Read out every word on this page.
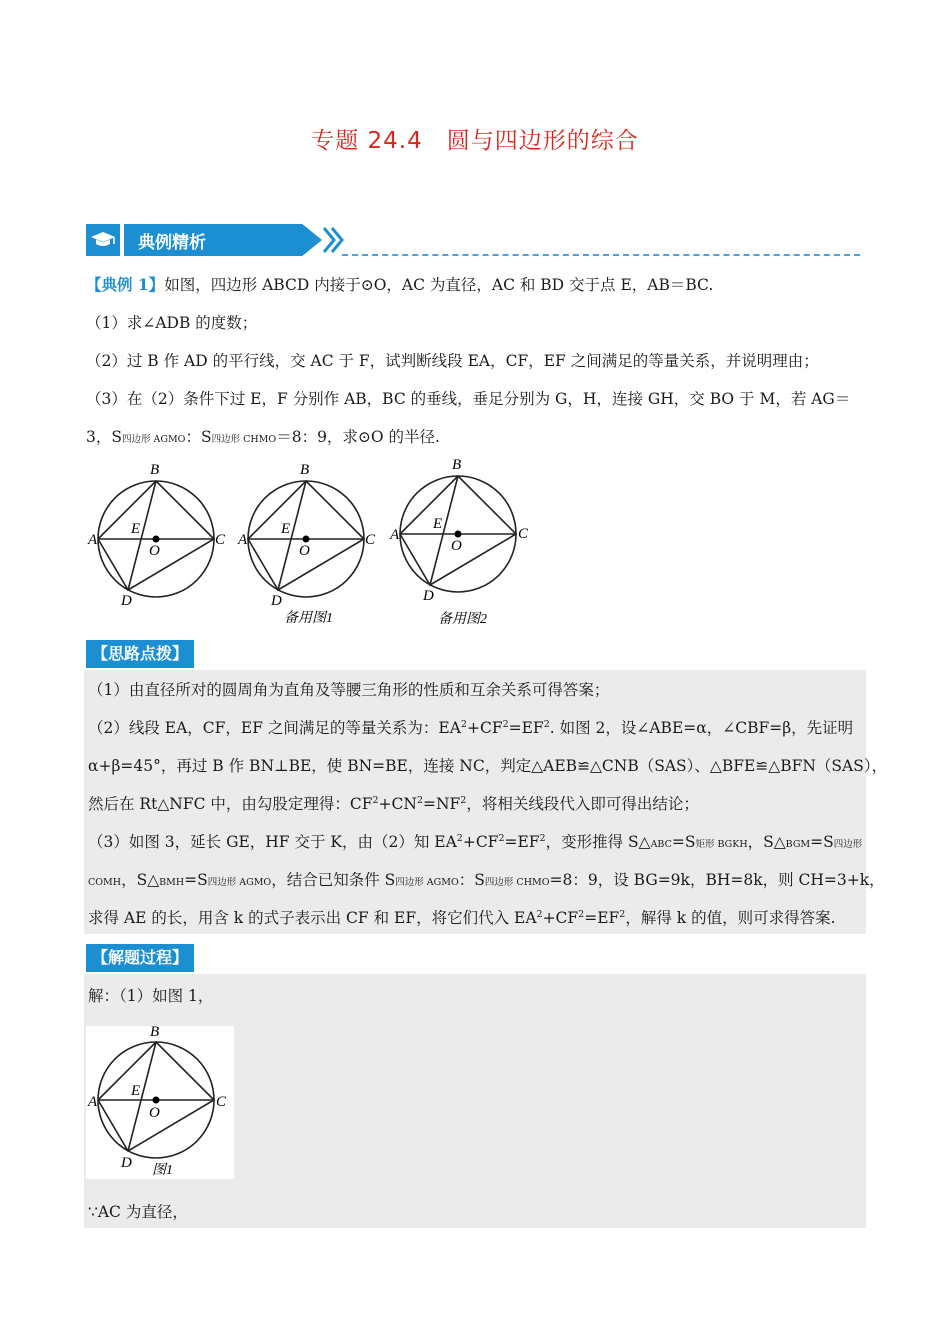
专题 24.4　圆与四边形的综合
典例精析
【典例 1】如图，四边形 ABCD 内接于⊙O，AC 为直径，AC 和 BD 交于点 E，AB＝BC.
（1）求∠ADB 的度数；
（2）过 B 作 AD 的平行线，交 AC 于 F，试判断线段 EA，CF，EF 之间满足的等量关系，并说明理由；
（3）在（2）条件下过 E，F 分别作 AB，BC 的垂线，垂足分别为 G，H，连接 GH，交 BO 于 M，若 AG＝
3，S四边形 AGMO：S四边形 CHMO＝8：9，求⊙O 的半径.
A
B
C
D
E
O
A
B
C
D
E
O
备用图1
A
B
C
D
E
O
备用图2
【思路点拨】
（1）由直径所对的圆周角为直角及等腰三角形的性质和互余关系可得答案；
（2）线段 EA，CF，EF 之间满足的等量关系为：$EA^2+CF^2=EF^2$. 如图 2，设∠ABE=α，∠CBF=β，先证明
α+β=45°，再过 B 作 BN⊥BE，使 BN=BE，连接 NC，判定△AEB≌△CNB（SAS）、△BFE≌△BFN（SAS），
然后在 Rt△NFC 中，由勾股定理得：$CF^2+CN^2=NF^2$，将相关线段代入即可得出结论；
（3）如图 3，延长 GE，HF 交于 K，由（2）知 $EA^2+CF^2=EF^2$，变形推得 S△ABC=S矩形 BGKH，S△BGM=S四边形
COMH，S△BMH=S四边形 AGMO，结合已知条件 S四边形 AGMO：S四边形 CHMO=8：9，设 BG=9k，BH=8k，则 CH=3+k，
求得 AE 的长，用含 k 的式子表示出 CF 和 EF，将它们代入 $EA^2+CF^2=EF^2$，解得 k 的值，则可求得答案.
【解题过程】
解：（1）如图 1，
A
B
C
D
E
O
图1
∵AC 为直径，
